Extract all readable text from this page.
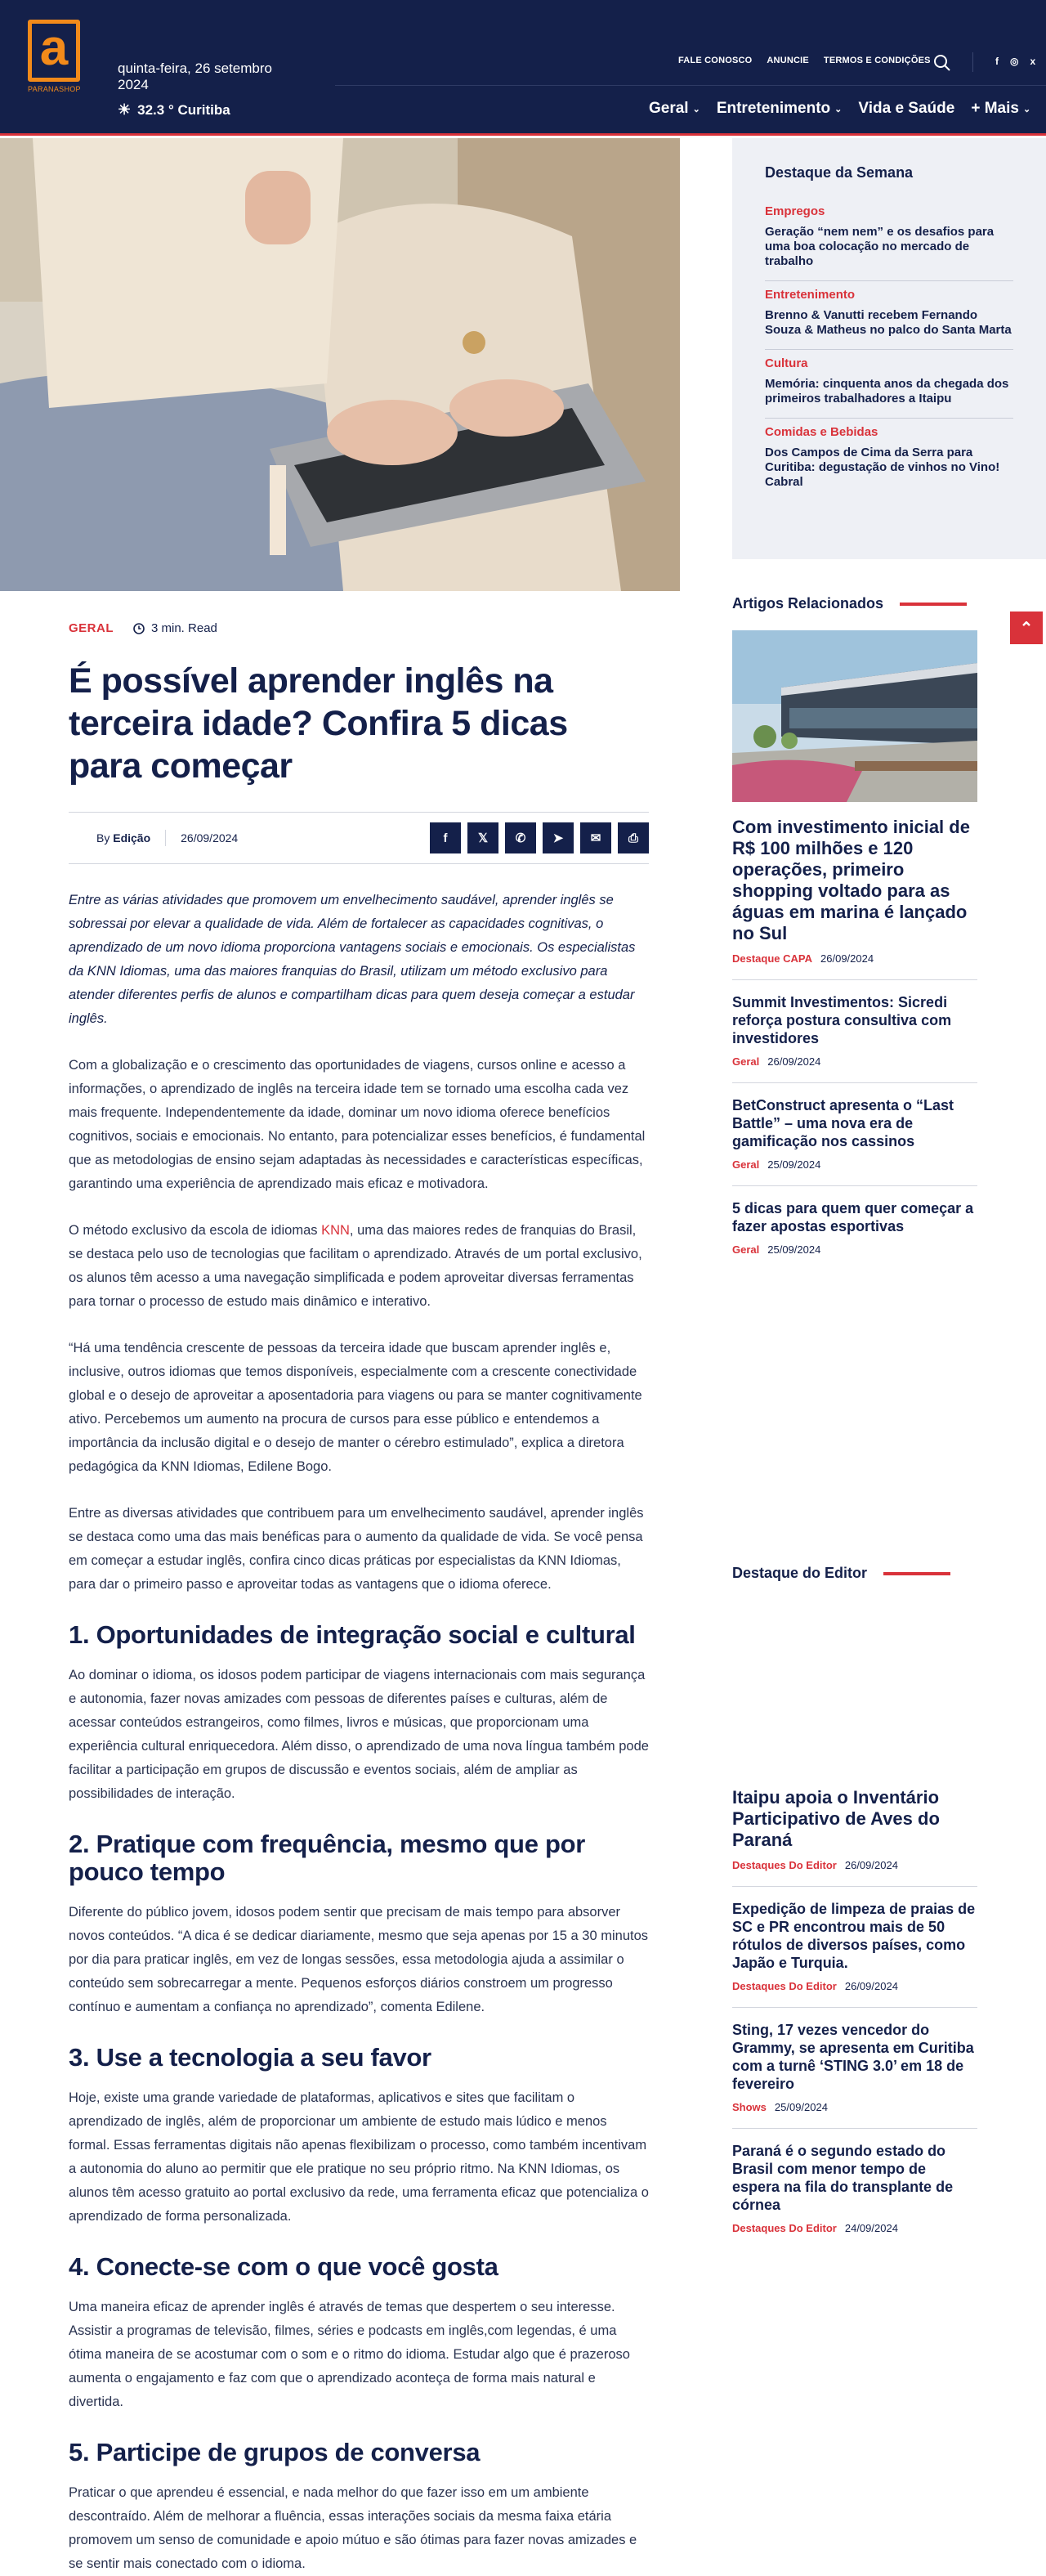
a
PARANASHOP
quinta-feira, 26 setembro 2024
☀ 32.3 ° Curitiba
FALE CONOSCO ANUNCIE TERMOS E CONDIÇÕES	f ◎ x
Geral ⌄ Entretenimento ⌄ Vida e Saúde + Mais ⌄
Destaque da Semana
Empregos
Geração “nem nem” e os desafios para uma boa colocação no mercado de trabalho
Entretenimento
Brenno & Vanutti recebem Fernando Souza & Matheus no palco do Santa Marta
Cultura
Memória: cinquenta anos da chegada dos primeiros trabalhadores a Itaipu
Comidas e Bebidas
Dos Campos de Cima da Serra para Curitiba: degustação de vinhos no Vino! Cabral
⌃
Artigos Relacionados
Com investimento inicial de R$ 100 milhões e 120 operações, primeiro shopping voltado para as águas em marina é lançado no Sul
Destaque CAPA 26/09/2024
Summit Investimentos: Sicredi reforça postura consultiva com investidores
Geral 26/09/2024
BetConstruct apresenta o “Last Battle” – uma nova era de gamificação nos cassinos
Geral 25/09/2024
5 dicas para quem quer começar a fazer apostas esportivas
Geral 25/09/2024
Destaque do Editor
Itaipu apoia o Inventário Participativo de Aves do Paraná
Destaques Do Editor 26/09/2024
Expedição de limpeza de praias de SC e PR encontrou mais de 50 rótulos de diversos países, como Japão e Turquia.
Destaques Do Editor 26/09/2024
Sting, 17 vezes vencedor do Grammy, se apresenta em Curitiba com a turnê ‘STING 3.0’ em 18 de fevereiro
Shows 25/09/2024
Paraná é o segundo estado do Brasil com menor tempo de espera na fila do transplante de córnea
Destaques Do Editor 24/09/2024
GERAL	3 min. Read
É possível aprender inglês na terceira idade? Confira 5 dicas para começar
By Edição	26/09/2024	f	𝕏	✆	➤	✉	⎙

Entre as várias atividades que promovem um envelhecimento saudável, aprender inglês se sobressai por elevar a qualidade de vida. Além de fortalecer as capacidades cognitivas, o aprendizado de um novo idioma proporciona vantagens sociais e emocionais. Os especialistas da KNN Idiomas, uma das maiores franquias do Brasil, utilizam um método exclusivo para atender diferentes perfis de alunos e compartilham dicas para quem deseja começar a estudar inglês.

Com a globalização e o crescimento das oportunidades de viagens, cursos online e acesso a informações, o aprendizado de inglês na terceira idade tem se tornado uma escolha cada vez mais frequente. Independentemente da idade, dominar um novo idioma oferece benefícios cognitivos, sociais e emocionais. No entanto, para potencializar esses benefícios, é fundamental que as metodologias de ensino sejam adaptadas às necessidades e características específicas, garantindo uma experiência de aprendizado mais eficaz e motivadora.

O método exclusivo da escola de idiomas KNN, uma das maiores redes de franquias do Brasil, se destaca pelo uso de tecnologias que facilitam o aprendizado. Através de um portal exclusivo, os alunos têm acesso a uma navegação simplificada e podem aproveitar diversas ferramentas para tornar o processo de estudo mais dinâmico e interativo.

“Há uma tendência crescente de pessoas da terceira idade que buscam aprender inglês e, inclusive, outros idiomas que temos disponíveis, especialmente com a crescente conectividade global e o desejo de aproveitar a aposentadoria para viagens ou para se manter cognitivamente ativo. Percebemos um aumento na procura de cursos para esse público e entendemos a importância da inclusão digital e o desejo de manter o cérebro estimulado”, explica a diretora pedagógica da KNN Idiomas, Edilene Bogo.

Entre as diversas atividades que contribuem para um envelhecimento saudável, aprender inglês se destaca como uma das mais benéficas para o aumento da qualidade de vida. Se você pensa em começar a estudar inglês, confira cinco dicas práticas por especialistas da KNN Idiomas, para dar o primeiro passo e aproveitar todas as vantagens que o idioma oferece.

1. Oportunidades de integração social e cultural

Ao dominar o idioma, os idosos podem participar de viagens internacionais com mais segurança e autonomia, fazer novas amizades com pessoas de diferentes países e culturas, além de acessar conteúdos estrangeiros, como filmes, livros e músicas, que proporcionam uma experiência cultural enriquecedora. Além disso, o aprendizado de uma nova língua também pode facilitar a participação em grupos de discussão e eventos sociais, além de ampliar as possibilidades de interação.

2. Pratique com frequência, mesmo que por pouco tempo

Diferente do público jovem, idosos podem sentir que precisam de mais tempo para absorver novos conteúdos. “A dica é se dedicar diariamente, mesmo que seja apenas por 15 a 30 minutos por dia para praticar inglês, em vez de longas sessões, essa metodologia ajuda a assimilar o conteúdo sem sobrecarregar a mente. Pequenos esforços diários constroem um progresso contínuo e aumentam a confiança no aprendizado”, comenta Edilene.

3. Use a tecnologia a seu favor

Hoje, existe uma grande variedade de plataformas, aplicativos e sites que facilitam o aprendizado de inglês, além de proporcionar um ambiente de estudo mais lúdico e menos formal. Essas ferramentas digitais não apenas flexibilizam o processo, como também incentivam a autonomia do aluno ao permitir que ele pratique no seu próprio ritmo. Na KNN Idiomas, os alunos têm acesso gratuito ao portal exclusivo da rede, uma ferramenta eficaz que potencializa o aprendizado de forma personalizada.

4. Conecte-se com o que você gosta

Uma maneira eficaz de aprender inglês é através de temas que despertem o seu interesse. Assistir a programas de televisão, filmes, séries e podcasts em inglês,com legendas, é uma ótima maneira de se acostumar com o som e o ritmo do idioma. Estudar algo que é prazeroso aumenta o engajamento e faz com que o aprendizado aconteça de forma mais natural e divertida.

5. Participe de grupos de conversa

Praticar o que aprendeu é essencial, e nada melhor do que fazer isso em um ambiente descontraído. Além de melhorar a fluência, essas interações sociais da mesma faixa etária promovem um senso de comunidade e apoio mútuo e são ótimas para fazer novas amizades e se sentir mais conectado com o idioma.
